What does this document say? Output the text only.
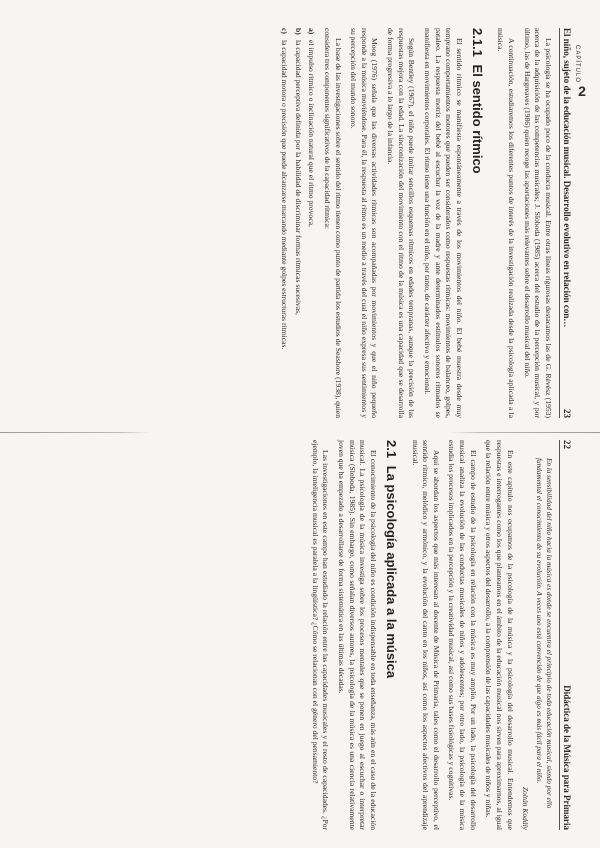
El niño, sujeto de la educación musical. Desarrollo evolutivo en relación con…
23

La psicología se ha ocupado poco de la conducta musical. Entre otras líneas rigurosas destacamos las de G. Révész (1953) acerca de la adquisición de las competencias musicales; J. Sloboda (1985) acerca del estudio de la percepción musical, y por último, las de Hargreaves (1986) quien recoge las aportaciones más relevantes sobre el desarrollo musical del niño.

A continuación, estudiaremos los diferentes puntos de interés de la investigación realizada desde la psicología aplicada a la música.

2.1.1 El sentido rítmico

El sentido rítmico se manifiesta espontáneamente a través de los movimientos del niño. El bebé muestra desde muy temprano comportamientos motores que pueden ser considerados como respuestas rítmicas: movimientos de balanceo, golpes, pataleo. La respuesta motriz del bebé al escuchar la voz de la madre y ante determinados estímulos sonoros ritmados se manifiesta en movimientos corporales. El ritmo tiene una función en el niño, por tanto, de carácter afectivo y emocional.

Según Bentley (1967), el niño puede imitar sencillos esquemas rítmicos en edades tempranas, aunque la precisión de las respuestas mejora con la edad. La sincronización del movimiento con el ritmo de la música es una capacidad que se desarrolla de forma progresiva a lo largo de la infancia.

Moog (1976) señala que las diversas actividades rítmicas son acompañadas por movimientos y que el niño pequeño responde a la música moviéndose. Para él, la respuesta al ritmo es un medio a través del cual el niño expresa sus sentimientos y su percepción del mundo sonoro.

La base de las investigaciones sobre el sentido del ritmo tienen como punto de partida los estudios de Seashore (1938), quien considera tres componentes significativos de la capacidad rítmica:

a)
el impulso rítmico o inclinación natural que el ritmo provoca,
b)
la capacidad perceptiva definida por la habilidad de discriminar formas rítmicas sucesivas,
c)
la capacidad motora o precisión que puede alcanzarse marcando mediante golpes estructuras rítmicas.	CAPÍTULO
2
22
Didáctica de la Música para Primaria
En la sensibilidad del niño hacia la música es donde se encuentra el principio de toda educación musical, siendo por ello fundamental el conocimiento de su evolución. A veces uno está convencido de que algo es más fácil para el niño.
Zoltán Kodály

En este capítulo nos ocupamos de la psicología de la música y la psicología del desarrollo musical. Entendemos que respuestas e interrogantes como los que planteamos en el ámbito de la educación musical nos sirven para aproximarnos, al igual que la relación entre música y otros aspectos del desarrollo, a la comprensión de las capacidades musicales de niños y niñas.

El campo de estudio de la psicología en relación con la música es muy amplio. Por un lado, la psicología del desarrollo musical analiza la evolución de las conductas musicales de niños y adolescentes; por otro lado, la psicología de la música estudia los procesos implicados en la percepción y la creatividad musical, así como sus bases fisiológicas y cognitivas.

Aquí se abordan los aspectos que más interesan al docente de Música de Primaria, tales como el desarrollo perceptivo, el sentido rítmico, melódico y armónico, y la evolución del canto en los niños, así como los aspectos afectivos del aprendizaje musical.

2.1 La psicología aplicada a la música

El conocimiento de la psicología del niño es condición indispensable en toda enseñanza, más aún en el caso de la educación musical. La psicología de la música investiga sobre los procesos mentales que se ponen en juego al escuchar o interpretar música (Sloboda, 1985). Sin embargo, como señalan diversos autores, la psicología de la música es una ciencia relativamente joven que ha empezado a desarrollarse de forma sistemática en las últimas décadas.

Las investigaciones en este campo han estudiado la relación entre las capacidades musicales y el resto de capacidades. ¿Por ejemplo, la inteligencia musical es paralela a la lingüística? ¿Cómo se relacionan con el género del pensamiento?
